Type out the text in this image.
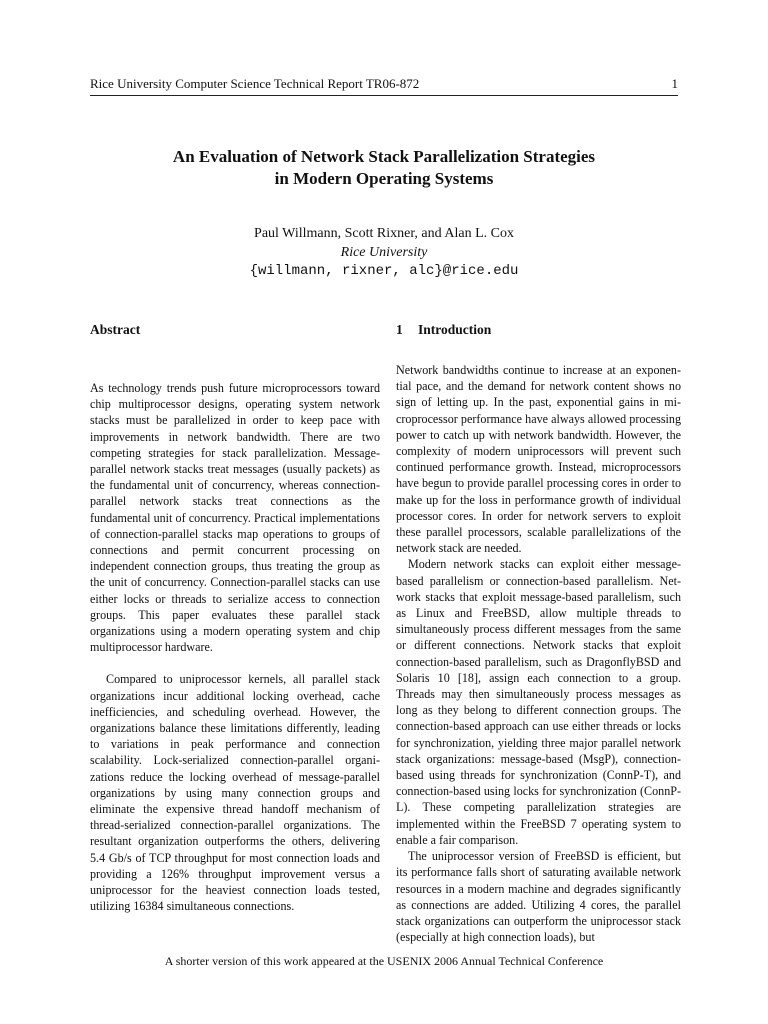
Rice University Computer Science Technical Report TR06-872	1
An Evaluation of Network Stack Parallelization Strategies
in Modern Operating Systems
Paul Willmann, Scott Rixner, and Alan L. Cox
Rice University
{willmann, rixner, alc}@rice.edu
Abstract

As technology trends push future microprocessors toward chip multiprocessor designs, operating system network stacks must be parallelized in order to keep pace with improvements in network bandwidth. There are two competing strategies for stack parallelization. Message-parallel network stacks treat messages (usually packets) as the fundamental unit of concurrency, whereas connection-parallel network stacks treat connections as the fundamental unit of concurrency. Practical implementations of connection-parallel stacks map operations to groups of connections and permit concurrent processing on independent connection groups, thus treating the group as the unit of concurrency. Connection-parallel stacks can use either locks or threads to serialize access to connection groups. This paper evaluates these parallel stack organizations using a modern operating system and chip multiprocessor hardware.

Compared to uniprocessor kernels, all parallel stack organizations incur additional locking overhead, cache inefficiencies, and scheduling overhead. However, the organizations balance these limitations differently, leading to variations in peak performance and connection scalability. Lock-serialized connection-parallel organizations reduce the locking overhead of message-parallel organizations by using many connection groups and eliminate the expensive thread handoff mechanism of thread-serialized connection-parallel organizations. The resultant organization outperforms the others, delivering 5.4 Gb/s of TCP throughput for most connection loads and providing a 126% throughput improvement versus a uniprocessor for the heaviest connection loads tested, utilizing 16384 simultaneous connections.

1 Introduction

Network bandwidths continue to increase at an exponential pace, and the demand for network content shows no sign of letting up. In the past, exponential gains in microprocessor performance have always allowed processing power to catch up with network bandwidth. However, the complexity of modern uniprocessors will prevent such continued performance growth. Instead, microprocessors have begun to provide parallel processing cores in order to make up for the loss in performance growth of individual processor cores. In order for network servers to exploit these parallel processors, scalable parallelizations of the network stack are needed.

Modern network stacks can exploit either message-based parallelism or connection-based parallelism. Network stacks that exploit message-based parallelism, such as Linux and FreeBSD, allow multiple threads to simultaneously process different messages from the same or different connections. Network stacks that exploit connection-based parallelism, such as DragonflyBSD and Solaris 10 [18], assign each connection to a group. Threads may then simultaneously process messages as long as they belong to different connection groups. The connection-based approach can use either threads or locks for synchronization, yielding three major parallel network stack organizations: message-based (MsgP), connection-based using threads for synchronization (ConnP-T), and connection-based using locks for synchronization (ConnP-L). These competing parallelization strategies are implemented within the FreeBSD 7 operating system to enable a fair comparison.

The uniprocessor version of FreeBSD is efficient, but its performance falls short of saturating available network resources in a modern machine and degrades significantly as connections are added. Utilizing 4 cores, the parallel stack organizations can outperform the uniprocessor stack (especially at high connection loads), but

A shorter version of this work appeared at the USENIX 2006 Annual Technical Conference
